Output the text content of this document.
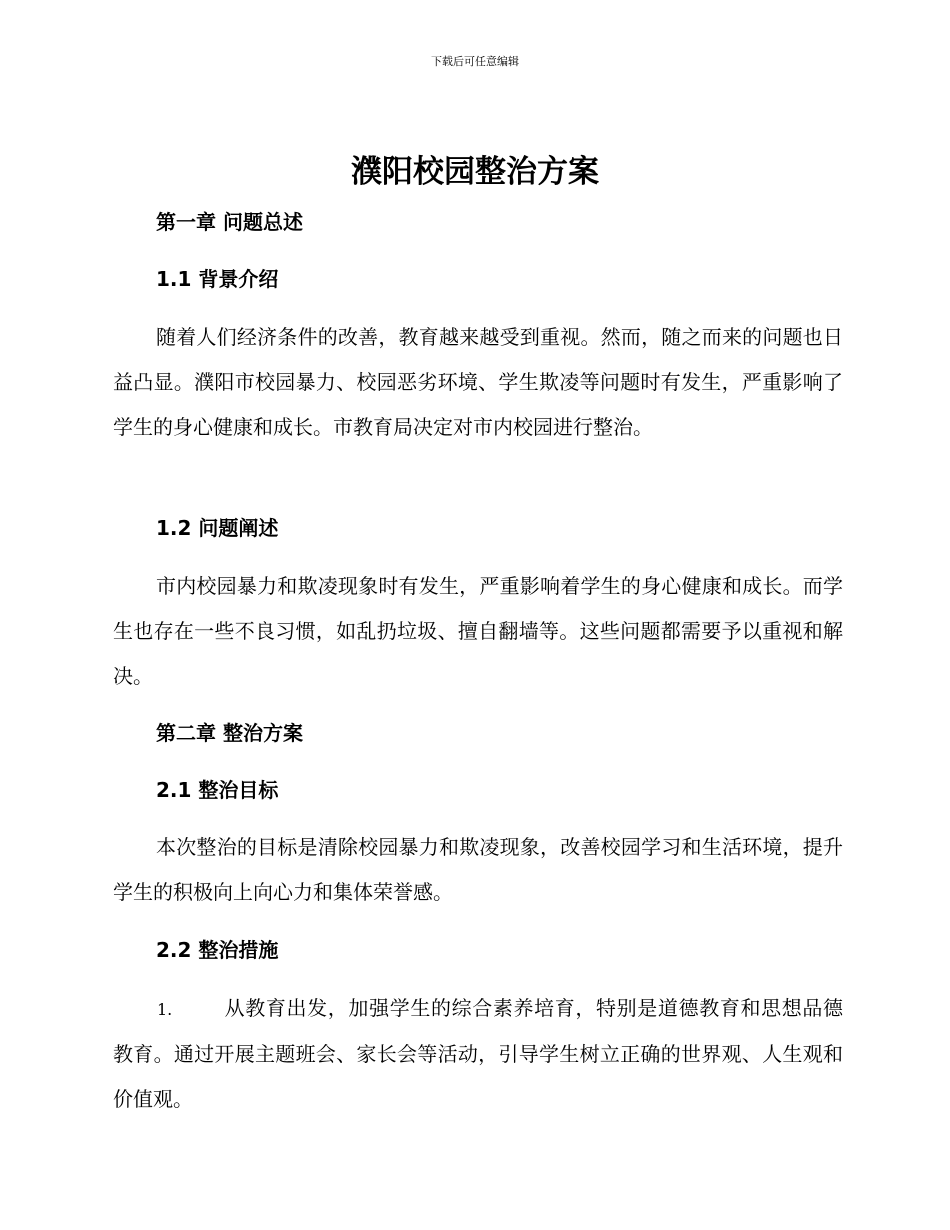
下载后可任意编辑
濮阳校园整治方案
第一章 问题总述
1.1 背景介绍

随着人们经济条件的改善，教育越来越受到重视。然而，随之而来的问题也日益凸显。濮阳市校园暴力、校园恶劣环境、学生欺凌等问题时有发生，严重影响了学生的身心健康和成长。市教育局决定对市内校园进行整治。

1.2 问题阐述

市内校园暴力和欺凌现象时有发生，严重影响着学生的身心健康和成长。而学生也存在一些不良习惯，如乱扔垃圾、擅自翻墙等。这些问题都需要予以重视和解决。

第二章 整治方案
2.1 整治目标

本次整治的目标是清除校园暴力和欺凌现象，改善校园学习和生活环境，提升学生的积极向上向心力和集体荣誉感。

2.2 整治措施

1.	从教育出发，加强学生的综合素养培育，特别是道德教育和思想品德教育。通过开展主题班会、家长会等活动，引导学生树立正确的世界观、人生观和价值观。
